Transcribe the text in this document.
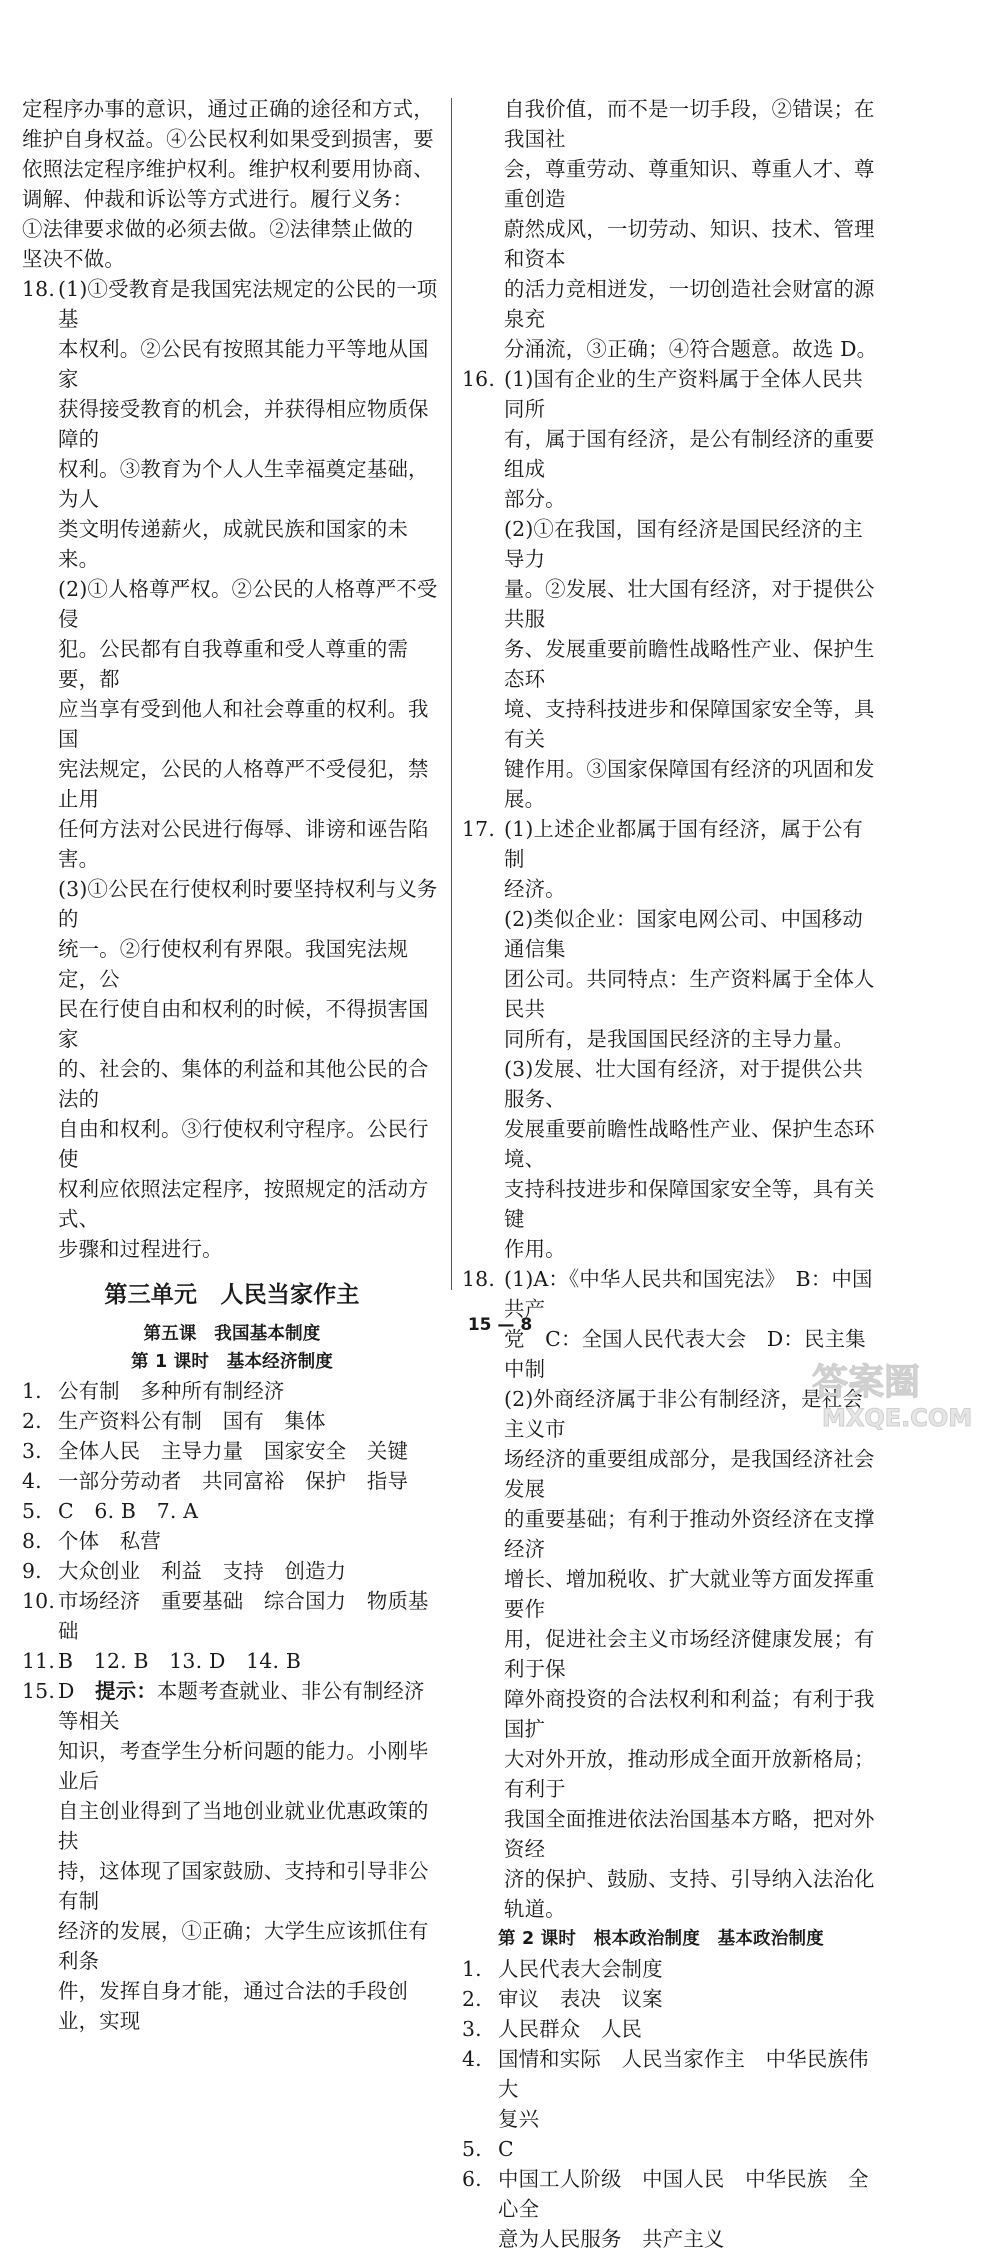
定程序办事的意识，通过正确的途径和方式，
维护自身权益。④公民权利如果受到损害，要
依照法定程序维护权利。维护权利要用协商、
调解、仲裁和诉讼等方式进行。履行义务：
①法律要求做的必须去做。②法律禁止做的
坚决不做。
18. (1)①受教育是我国宪法规定的公民的一项基
本权利。②公民有按照其能力平等地从国家
获得接受教育的机会，并获得相应物质保障的
权利。③教育为个人人生幸福奠定基础，为人
类文明传递薪火，成就民族和国家的未来。
(2)①人格尊严权。②公民的人格尊严不受侵
犯。公民都有自我尊重和受人尊重的需要，都
应当享有受到他人和社会尊重的权利。我国
宪法规定，公民的人格尊严不受侵犯，禁止用
任何方法对公民进行侮辱、诽谤和诬告陷害。
(3)①公民在行使权利时要坚持权利与义务的
统一。②行使权利有界限。我国宪法规定，公
民在行使自由和权利的时候，不得损害国家
的、社会的、集体的利益和其他公民的合法的
自由和权利。③行使权利守程序。公民行使
权利应依照法定程序，按照规定的活动方式、
步骤和过程进行。
第三单元　人民当家作主
第五课　我国基本制度
第 1 课时　基本经济制度
1. 公有制　多种所有制经济
2. 生产资料公有制　国有　集体
3. 全体人民　主导力量　国家安全　关键
4. 一部分劳动者　共同富裕　保护　指导
5. C　6. B　7. A
8. 个体　私营
9. 大众创业　利益　支持　创造力
10. 市场经济　重要基础　综合国力　物质基础
11. B　12. B　13. D　14. B
15. D　提示：本题考查就业、非公有制经济等相关
知识，考查学生分析问题的能力。小刚毕业后
自主创业得到了当地创业就业优惠政策的扶
持，这体现了国家鼓励、支持和引导非公有制
经济的发展，①正确；大学生应该抓住有利条
件，发挥自身才能，通过合法的手段创业，实现
自我价值，而不是一切手段，②错误；在我国社
会，尊重劳动、尊重知识、尊重人才、尊重创造
蔚然成风，一切劳动、知识、技术、管理和资本
的活力竞相迸发，一切创造社会财富的源泉充
分涌流，③正确；④符合题意。故选 D。
16. (1)国有企业的生产资料属于全体人民共同所
有，属于国有经济，是公有制经济的重要组成
部分。
(2)①在我国，国有经济是国民经济的主导力
量。②发展、壮大国有经济，对于提供公共服
务、发展重要前瞻性战略性产业、保护生态环
境、支持科技进步和保障国家安全等，具有关
键作用。③国家保障国有经济的巩固和发展。
17. (1)上述企业都属于国有经济，属于公有制
经济。
(2)类似企业：国家电网公司、中国移动通信集
团公司。共同特点：生产资料属于全体人民共
同所有，是我国国民经济的主导力量。
(3)发展、壮大国有经济，对于提供公共服务、
发展重要前瞻性战略性产业、保护生态环境、
支持科技进步和保障国家安全等，具有关键
作用。
18. (1)A：《中华人民共和国宪法》　B：中国共产
党　C：全国人民代表大会　D：民主集中制
(2)外商经济属于非公有制经济，是社会主义市
场经济的重要组成部分，是我国经济社会发展
的重要基础；有利于推动外资经济在支撑经济
增长、增加税收、扩大就业等方面发挥重要作
用，促进社会主义市场经济健康发展；有利于保
障外商投资的合法权利和利益；有利于我国扩
大对外开放，推动形成全面开放新格局；有利于
我国全面推进依法治国基本方略，把对外资经
济的保护、鼓励、支持、引导纳入法治化轨道。
第 2 课时　根本政治制度　基本政治制度
1. 人民代表大会制度
2. 审议　表决　议案
3. 人民群众　人民
4. 国情和实际　人民当家作主　中华民族伟大
复兴
5. C
6. 中国工人阶级　中国人民　中华民族　全心全
意为人民服务　共产主义
15 — 8
答案圈
MXQE.COM
